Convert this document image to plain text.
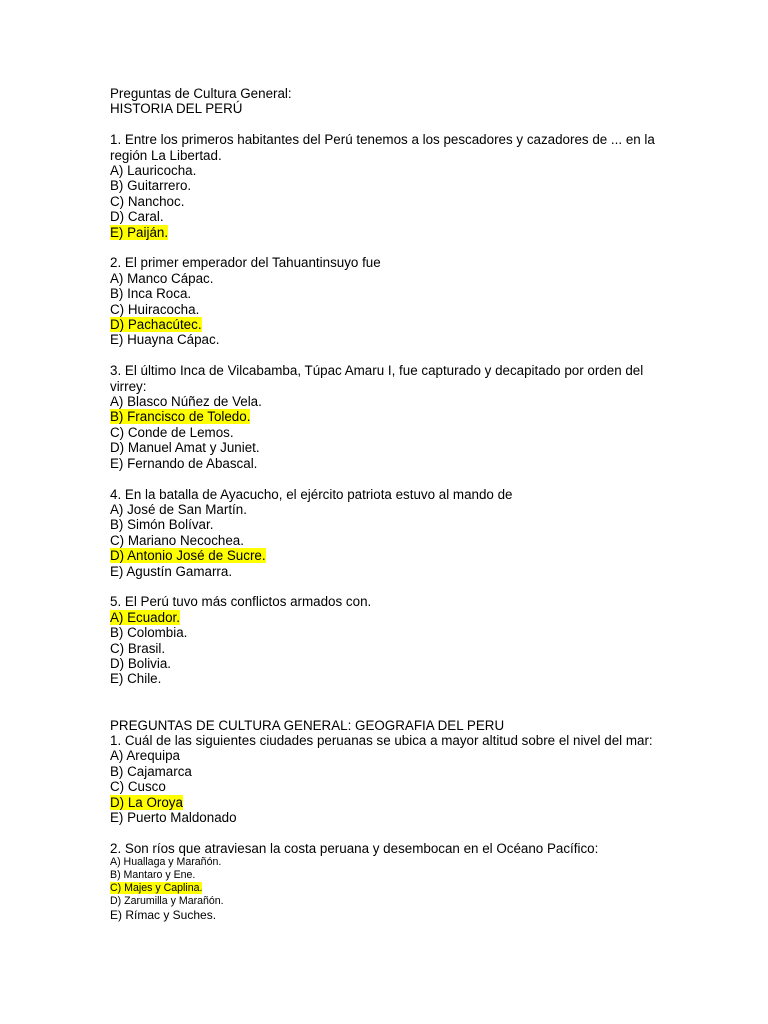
Preguntas de Cultura General:
HISTORIA DEL PERÚ
1. Entre los primeros habitantes del Perú tenemos a los pescadores y cazadores de ... en la región La Libertad.
A) Lauricocha.
B) Guitarrero.
C) Nanchoc.
D) Caral.
E) Paiján.
2. El primer emperador del Tahuantinsuyo fue
A) Manco Cápac.
B) Inca Roca.
C) Huiracocha.
D) Pachacútec.
E) Huayna Cápac.
3. El último Inca de Vilcabamba, Túpac Amaru I, fue capturado y decapitado por orden del virrey:
A) Blasco Núñez de Vela.
B) Francisco de Toledo.
C) Conde de Lemos.
D) Manuel Amat y Juniet.
E) Fernando de Abascal.
4. En la batalla de Ayacucho, el ejército patriota estuvo al mando de
A) José de San Martín.
B) Simón Bolívar.
C) Mariano Necochea.
D) Antonio José de Sucre.
E) Agustín Gamarra.
5. El Perú tuvo más conflictos armados con.
A) Ecuador.
B) Colombia.
C) Brasil.
D) Bolivia.
E) Chile.
PREGUNTAS DE CULTURA GENERAL: GEOGRAFIA DEL PERU
1. Cuál de las siguientes ciudades peruanas se ubica a mayor altitud sobre el nivel del mar:
A) Arequipa
B) Cajamarca
C) Cusco
D) La Oroya
E) Puerto Maldonado
2. Son ríos que atraviesan la costa peruana y desembocan en el Océano Pacífico:
A) Huallaga y Marañón.
B) Mantaro y Ene.
C) Majes y Caplina.
D) Zarumilla y Marañón.
E) Rímac y Suches.
